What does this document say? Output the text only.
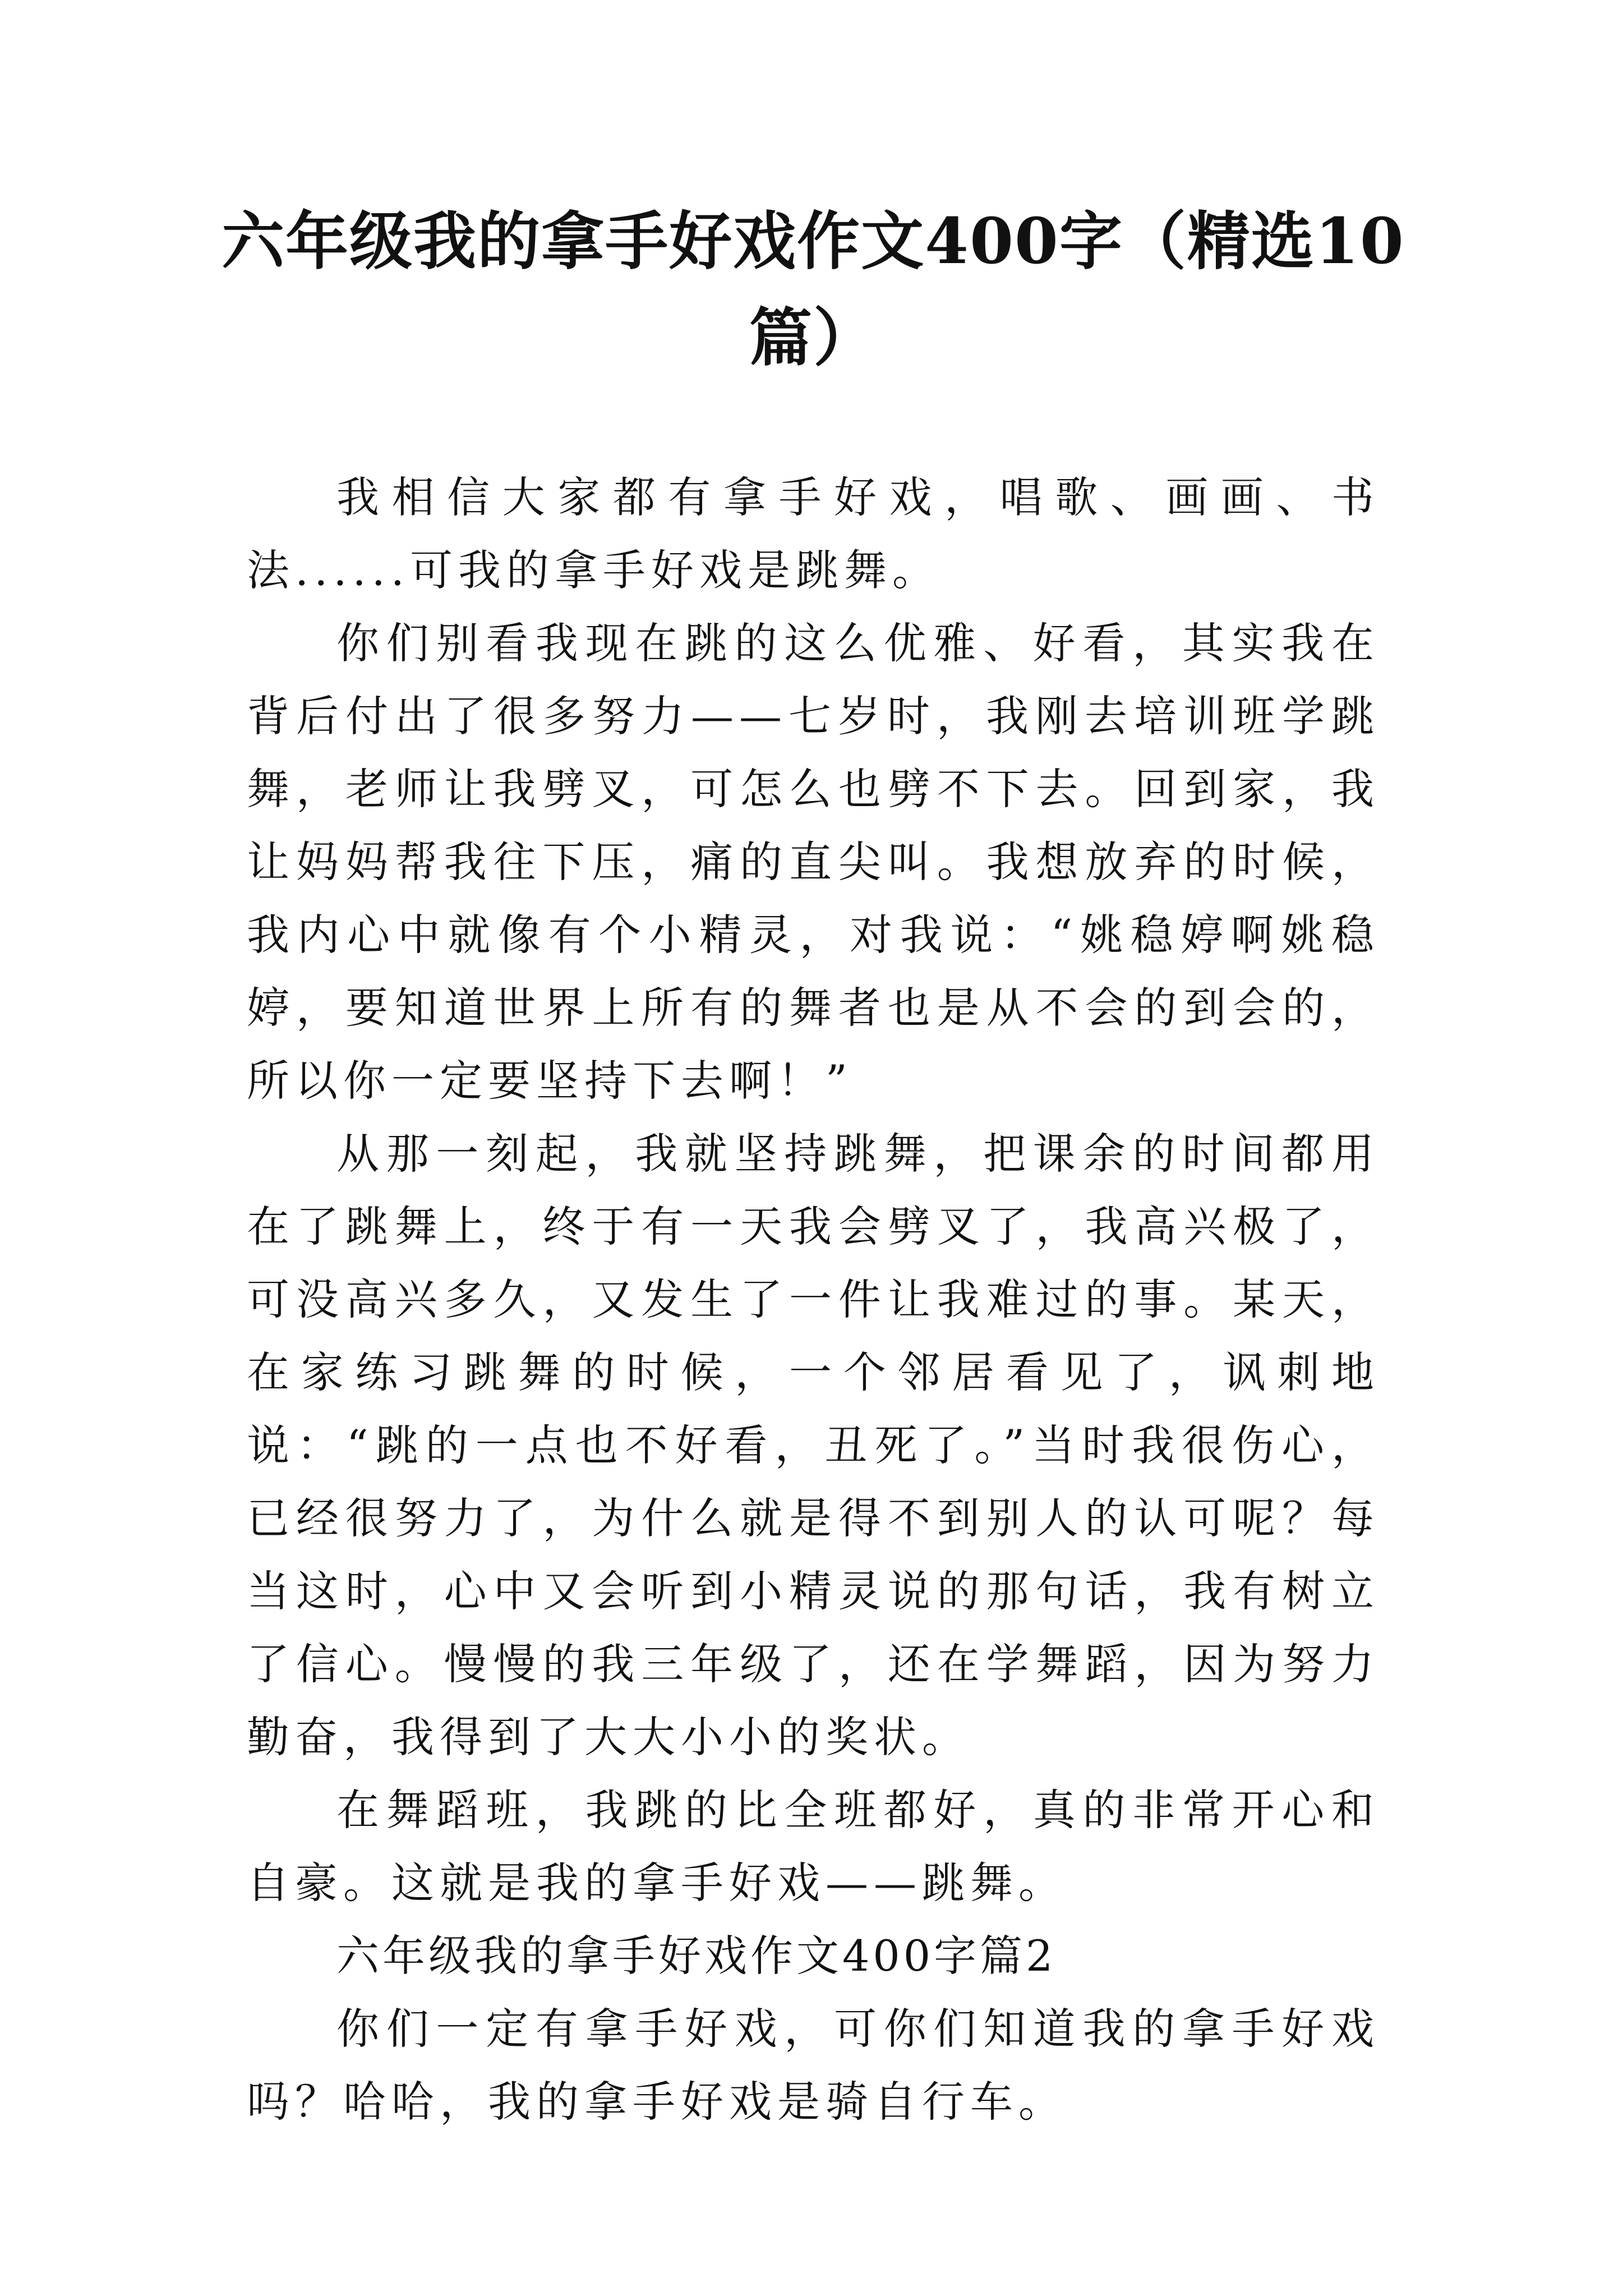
六年级我的拿手好戏作文400字（精选10篇）

我相信大家都有拿手好戏，唱歌、画画、书法......可我的拿手好戏是跳舞。

你们别看我现在跳的这么优雅、好看，其实我在背后付出了很多努力——七岁时，我刚去培训班学跳舞，老师让我劈叉，可怎么也劈不下去。回到家，我让妈妈帮我往下压，痛的直尖叫。我想放弃的时候，我内心中就像有个小精灵，对我说：“姚稳婷啊姚稳婷，要知道世界上所有的舞者也是从不会的到会的，所以你一定要坚持下去啊！”

从那一刻起，我就坚持跳舞，把课余的时间都用在了跳舞上，终于有一天我会劈叉了，我高兴极了，可没高兴多久，又发生了一件让我难过的事。某天，在家练习跳舞的时候，一个邻居看见了，讽刺地说：“跳的一点也不好看，丑死了。”当时我很伤心，已经很努力了，为什么就是得不到别人的认可呢？每当这时，心中又会听到小精灵说的那句话，我有树立了信心。慢慢的我三年级了，还在学舞蹈，因为努力勤奋，我得到了大大小小的奖状。

在舞蹈班，我跳的比全班都好，真的非常开心和自豪。这就是我的拿手好戏——跳舞。

六年级我的拿手好戏作文400字篇2

你们一定有拿手好戏，可你们知道我的拿手好戏吗？哈哈，我的拿手好戏是骑自行车。
